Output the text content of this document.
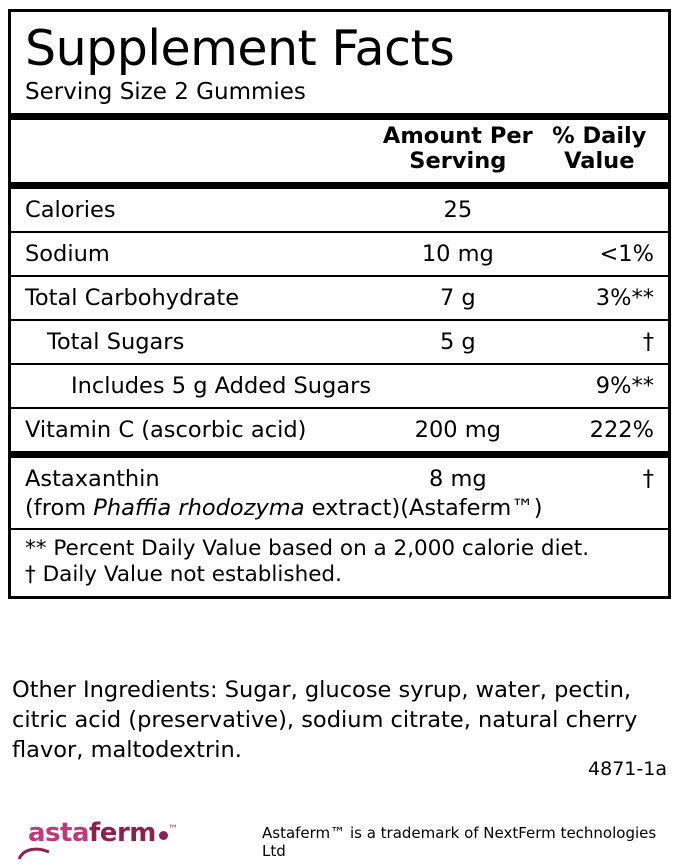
Supplement Facts
Serving Size 2 Gummies

Amount Per
Serving

% Daily
Value

Calories	25	

Sodium	10 mg	<1%

Total Carbohydrate	7 g	3%**

Total Sugars	5 g	†

Includes 5 g Added Sugars		9%**

Vitamin C (ascorbic acid)	200 mg	222%

Astaxanthin	8 mg	†
(from Phaffia rhodozyma extract)(Astaferm™)
** Percent Daily Value based on a 2,000 calorie diet.
† Daily Value not established.
Other Ingredients: Sugar, glucose syrup, water, pectin, citric acid (preservative), sodium citrate, natural cherry flavor, maltodextrin.
4871-1a
astaferm ™	Astaferm™ is a trademark of NextFerm technologies Ltd
